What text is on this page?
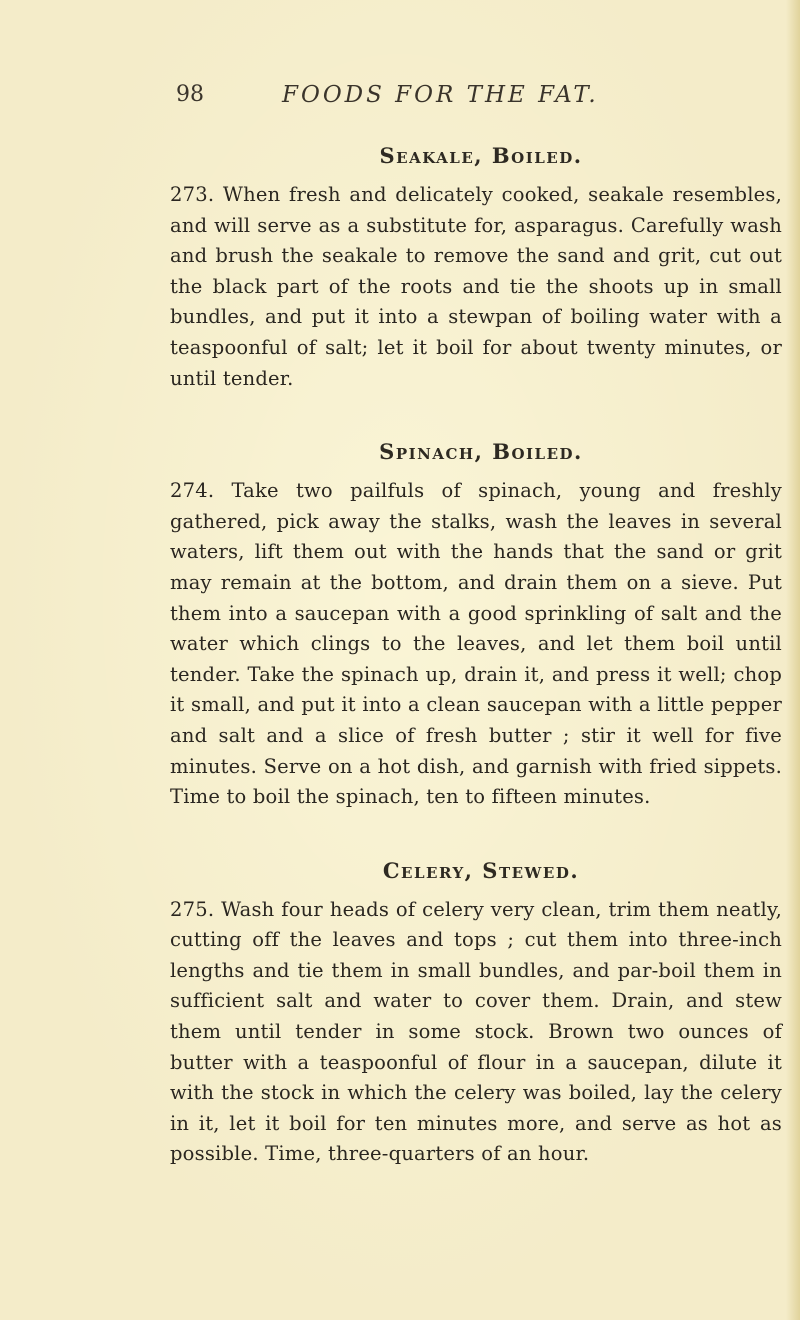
98	FOODS FOR THE FAT.
Seakale, Boiled.

273. When fresh and delicately cooked, seakale resembles, and will serve as a substitute for, asparagus. Carefully wash and brush the seakale to remove the sand and grit, cut out the black part of the roots and tie the shoots up in small bundles, and put it into a stewpan of boiling water with a teaspoonful of salt; let it boil for about twenty minutes, or until tender.

Spinach, Boiled.

274. Take two pailfuls of spinach, young and freshly gathered, pick away the stalks, wash the leaves in several waters, lift them out with the hands that the sand or grit may remain at the bottom, and drain them on a sieve. Put them into a saucepan with a good sprinkling of salt and the water which clings to the leaves, and let them boil until tender. Take the spinach up, drain it, and press it well; chop it small, and put it into a clean saucepan with a little pepper and salt and a slice of fresh butter ; stir it well for five minutes. Serve on a hot dish, and garnish with fried sippets. Time to boil the spinach, ten to fifteen minutes.

Celery, Stewed.

275. Wash four heads of celery very clean, trim them neatly, cutting off the leaves and tops ; cut them into three-inch lengths and tie them in small bundles, and par-boil them in sufficient salt and water to cover them. Drain, and stew them until tender in some stock. Brown two ounces of butter with a teaspoonful of flour in a saucepan, dilute it with the stock in which the celery was boiled, lay the celery in it, let it boil for ten minutes more, and serve as hot as possible. Time, three-quarters of an hour.
